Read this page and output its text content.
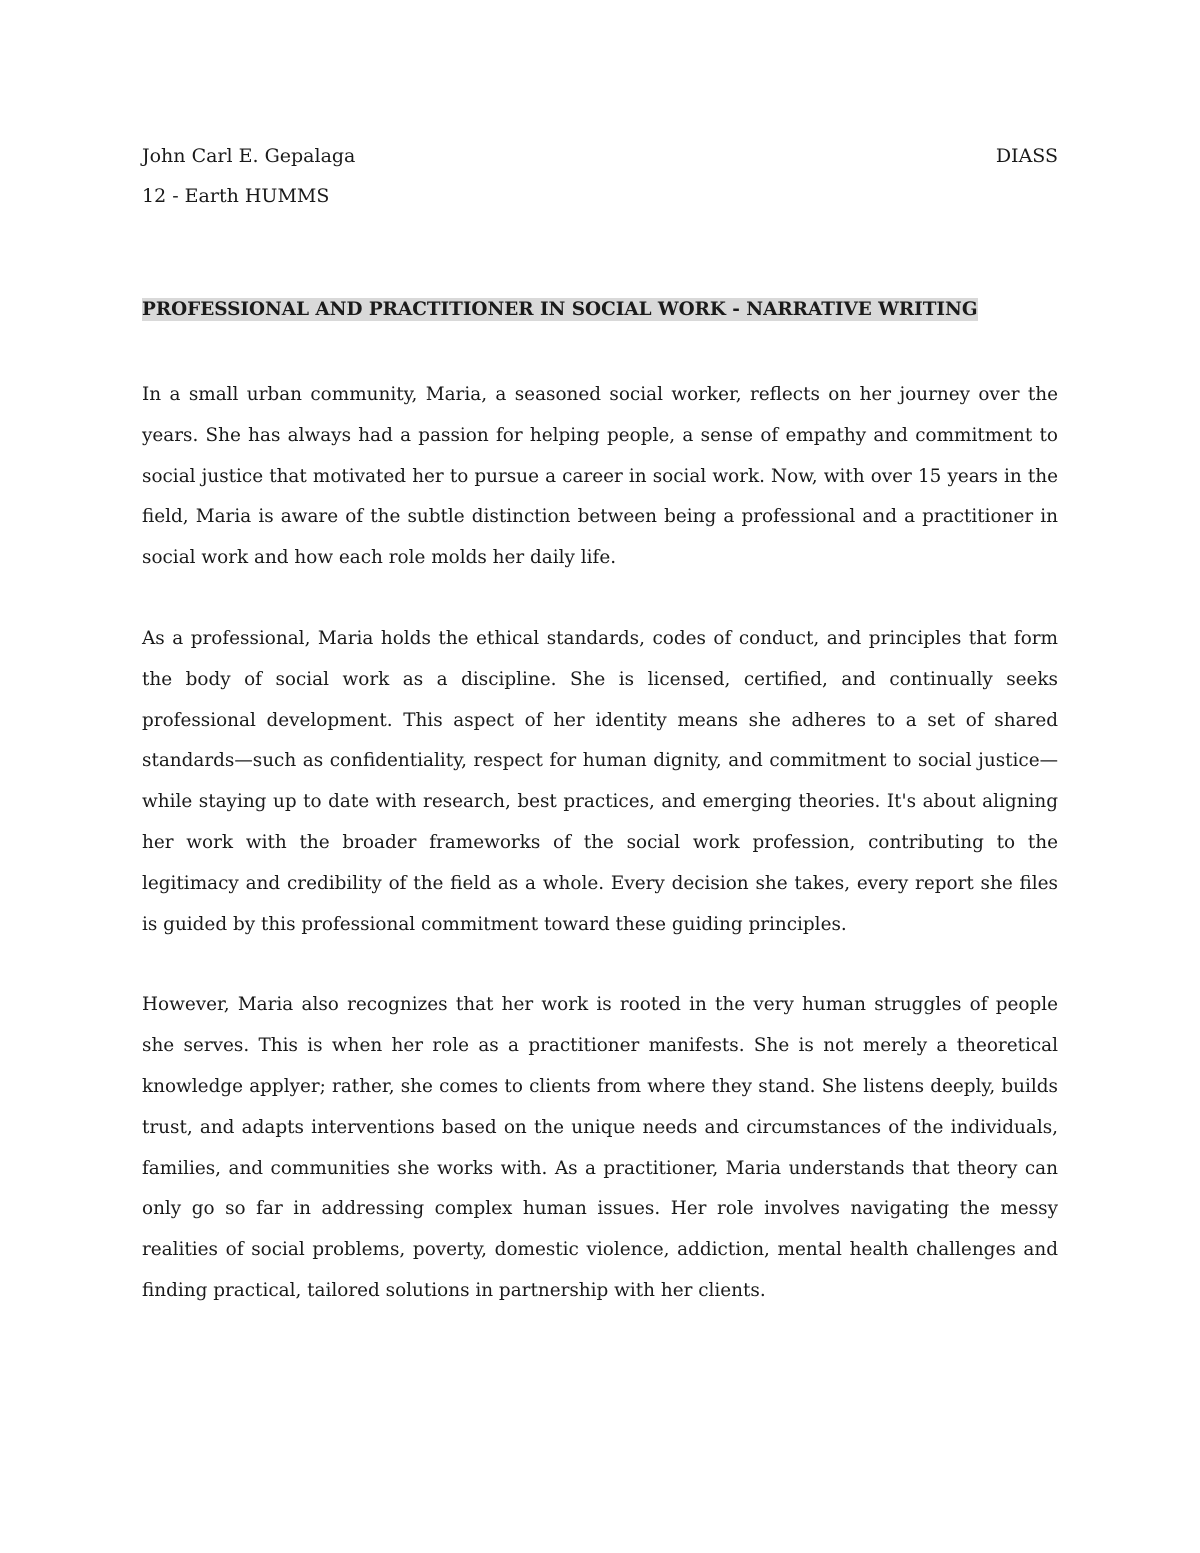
John Carl E. Gepalaga	DIASS
12 - Earth HUMMS
PROFESSIONAL AND PRACTITIONER IN SOCIAL WORK - NARRATIVE WRITING

In a small urban community, Maria, a seasoned social worker, reflects on her journey over the years. She has always had a passion for helping people, a sense of empathy and commitment to social justice that motivated her to pursue a career in social work. Now, with over 15 years in the field, Maria is aware of the subtle distinction between being a professional and a practitioner in social work and how each role molds her daily life.

As a professional, Maria holds the ethical standards, codes of conduct, and principles that form the body of social work as a discipline. She is licensed, certified, and continually seeks professional development. This aspect of her identity means she adheres to a set of shared standards—such as confidentiality, respect for human dignity, and commitment to social justice—while staying up to date with research, best practices, and emerging theories. It's about aligning her work with the broader frameworks of the social work profession, contributing to the legitimacy and credibility of the field as a whole. Every decision she takes, every report she files is guided by this professional commitment toward these guiding principles.

However, Maria also recognizes that her work is rooted in the very human struggles of people she serves. This is when her role as a practitioner manifests. She is not merely a theoretical knowledge applyer; rather, she comes to clients from where they stand. She listens deeply, builds trust, and adapts interventions based on the unique needs and circumstances of the individuals, families, and communities she works with. As a practitioner, Maria understands that theory can only go so far in addressing complex human issues. Her role involves navigating the messy realities of social problems, poverty, domestic violence, addiction, mental health challenges and finding practical, tailored solutions in partnership with her clients.
